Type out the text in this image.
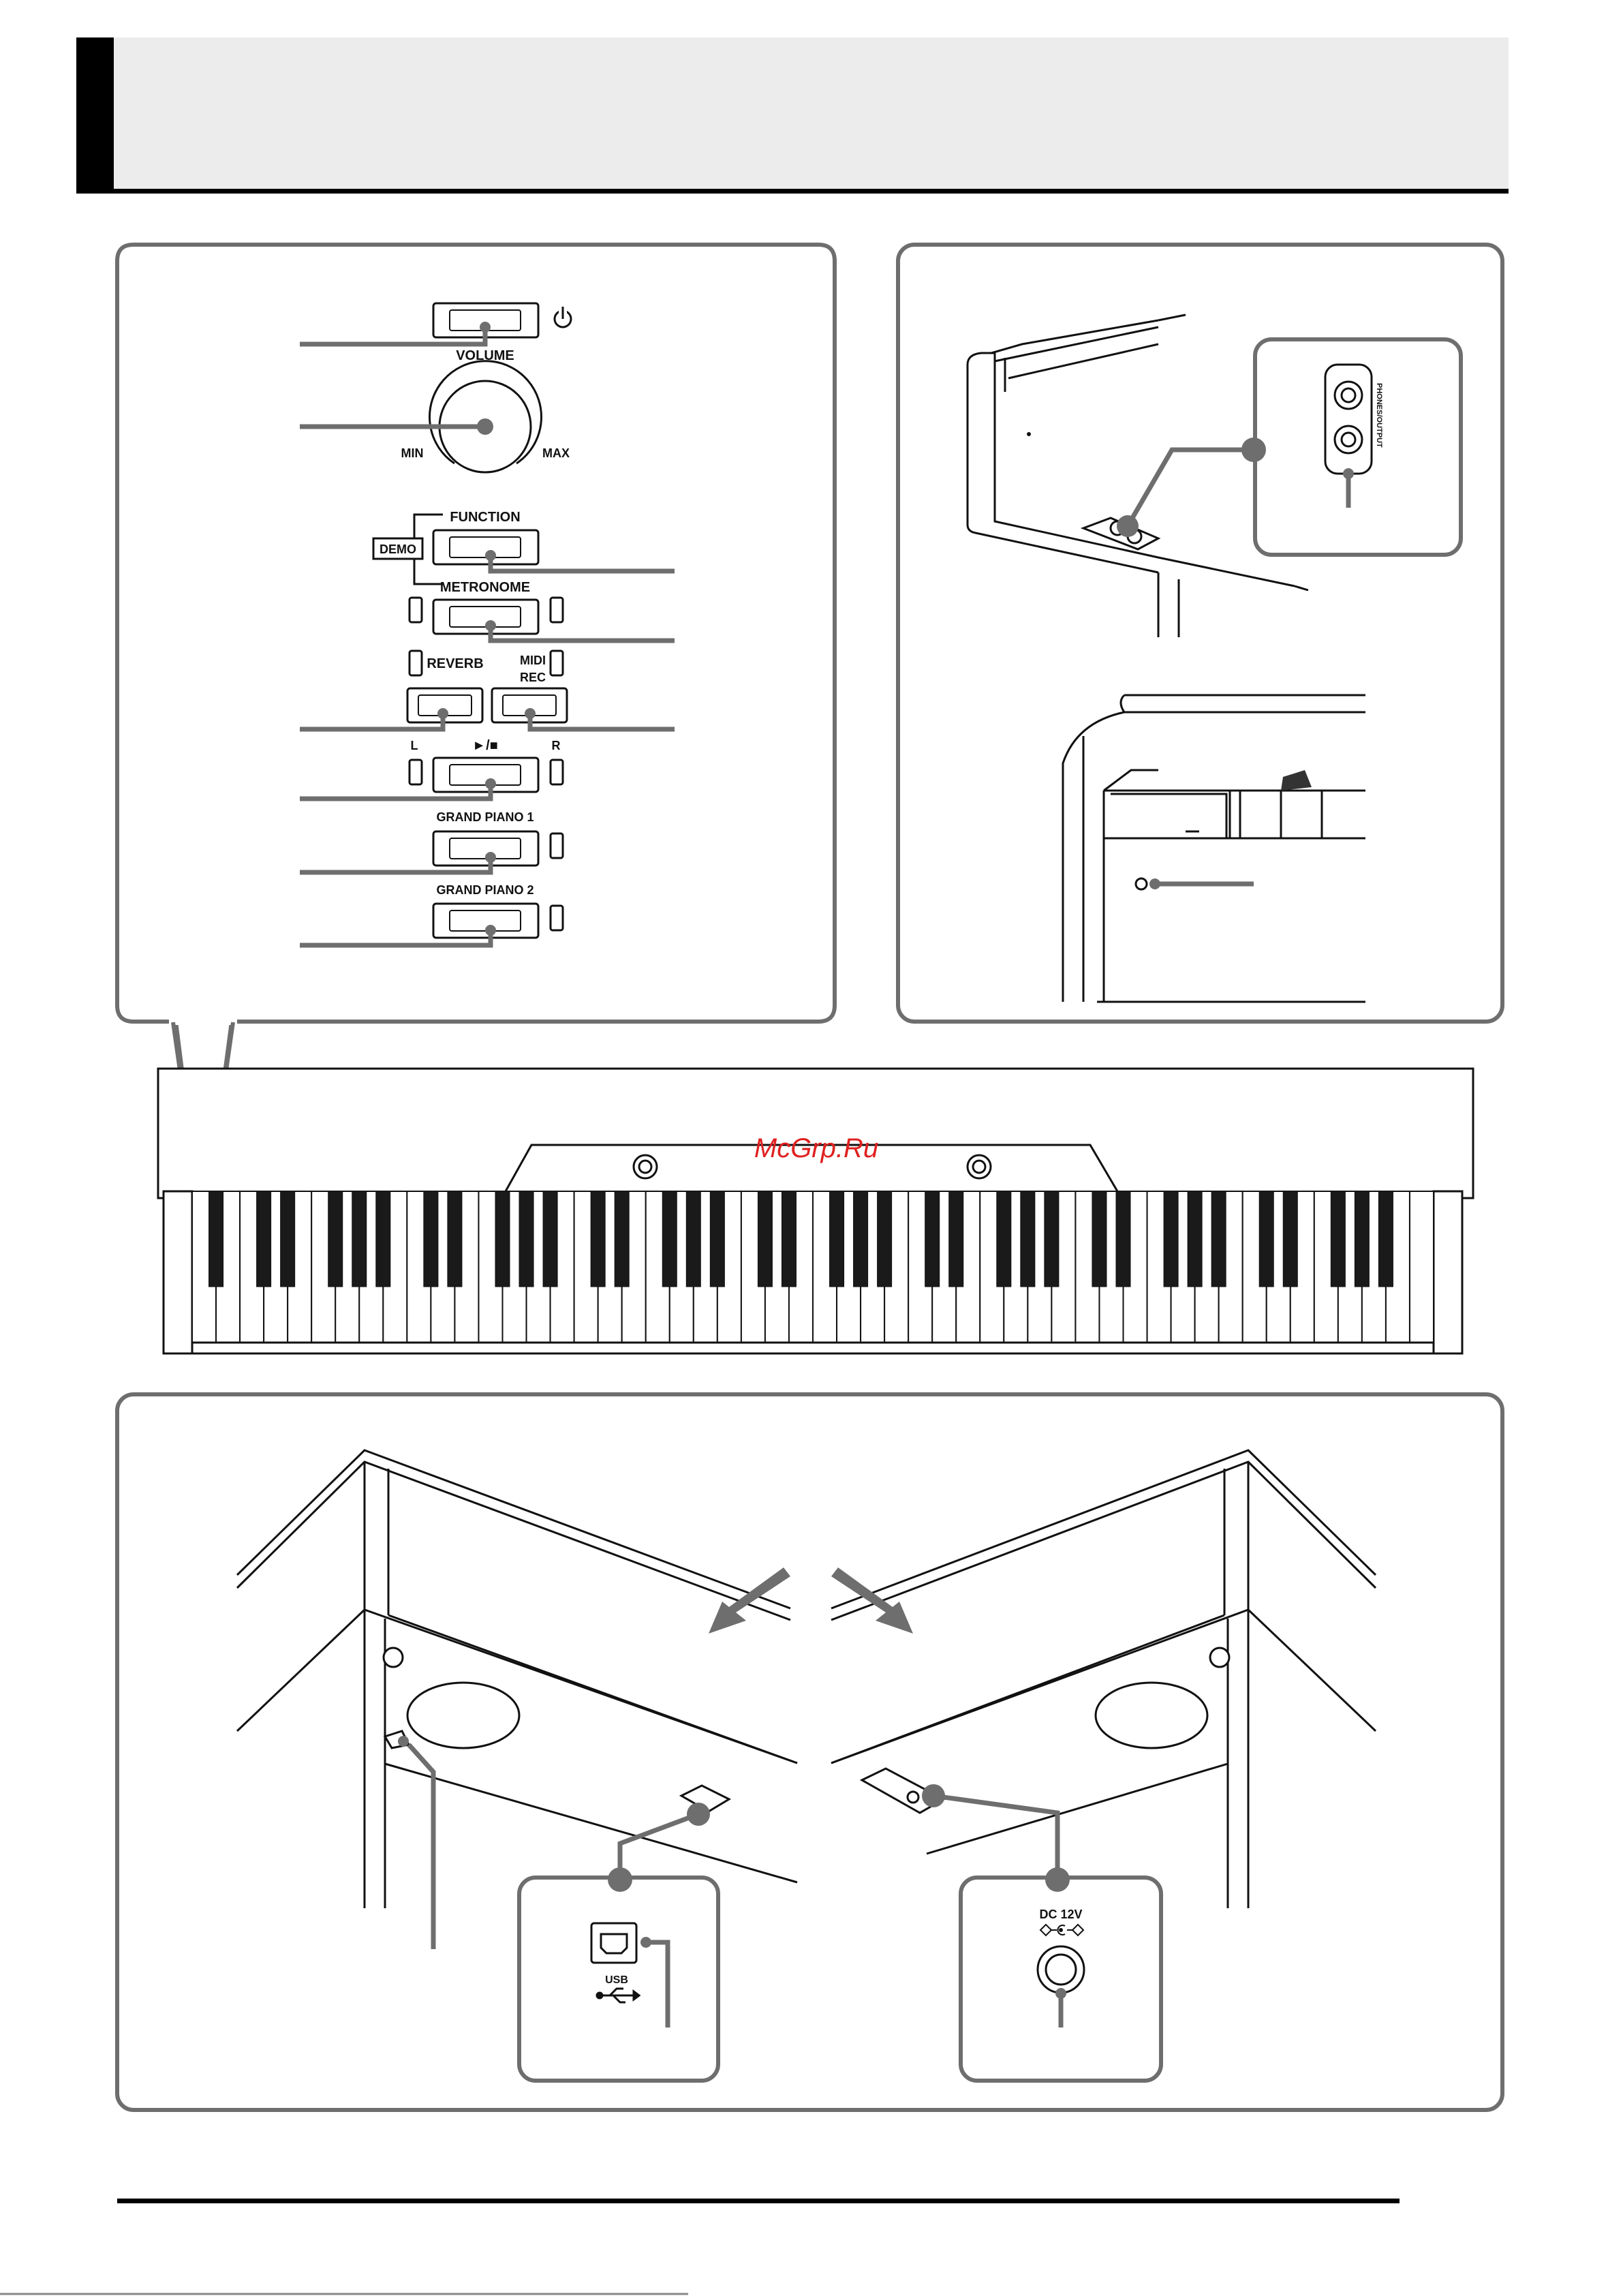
VOLUME
MIN	MAX
DEMO
FUNCTION
METRONOME
REVERB	MIDI
REC
L	►/■	R
GRAND PIANO 1
GRAND PIANO 2
PHONES/OUTPUT
McGrp.Ru
USB
DC 12V
